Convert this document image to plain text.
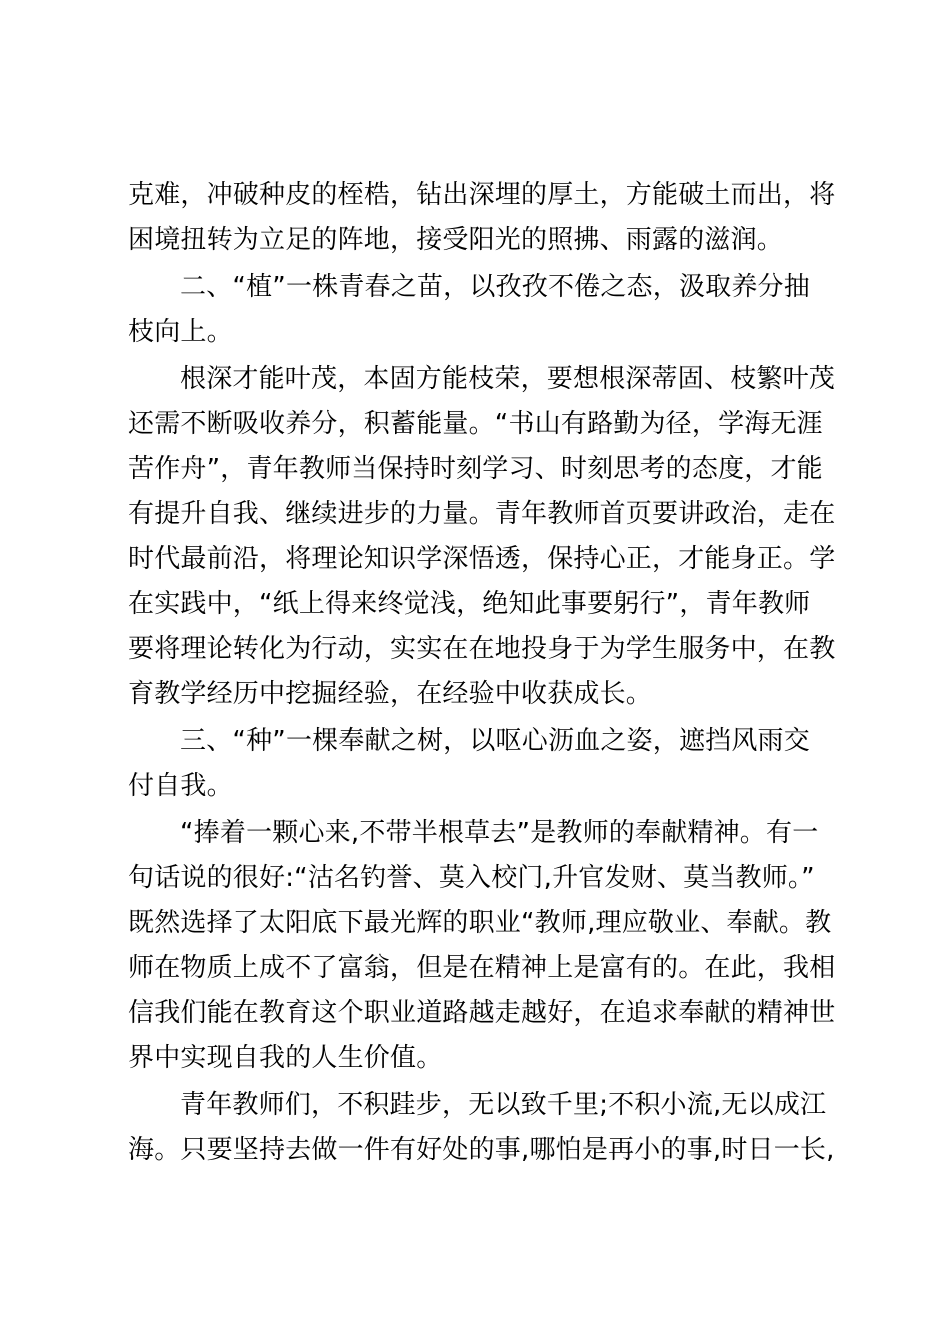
克难，冲破种皮的桎梏，钻出深埋的厚土，方能破土而出，将
困境扭转为立足的阵地，接受阳光的照拂、雨露的滋润。
二、“植”一株青春之苗，以孜孜不倦之态，汲取养分抽
枝向上。
根深才能叶茂，本固方能枝荣，要想根深蒂固、枝繁叶茂
还需不断吸收养分，积蓄能量。“书山有路勤为径，学海无涯
苦作舟”，青年教师当保持时刻学习、时刻思考的态度，才能
有提升自我、继续进步的力量。青年教师首页要讲政治，走在
时代最前沿，将理论知识学深悟透，保持心正，才能身正。学
在实践中，“纸上得来终觉浅，绝知此事要躬行”，青年教师
要将理论转化为行动，实实在在地投身于为学生服务中，在教
育教学经历中挖掘经验，在经验中收获成长。
三、“种”一棵奉献之树，以呕心沥血之姿，遮挡风雨交
付自我。
“捧着一颗心来,不带半根草去”是教师的奉献精神。有一
句话说的很好:“沽名钓誉、莫入校门,升官发财、莫当教师。”
既然选择了太阳底下最光辉的职业“教师,理应敬业、奉献。教
师在物质上成不了富翁，但是在精神上是富有的。在此，我相
信我们能在教育这个职业道路越走越好，在追求奉献的精神世
界中实现自我的人生价值。
青年教师们，不积跬步，无以致千里;不积小流,无以成江
海。只要坚持去做一件有好处的事,哪怕是再小的事,时日一长,
